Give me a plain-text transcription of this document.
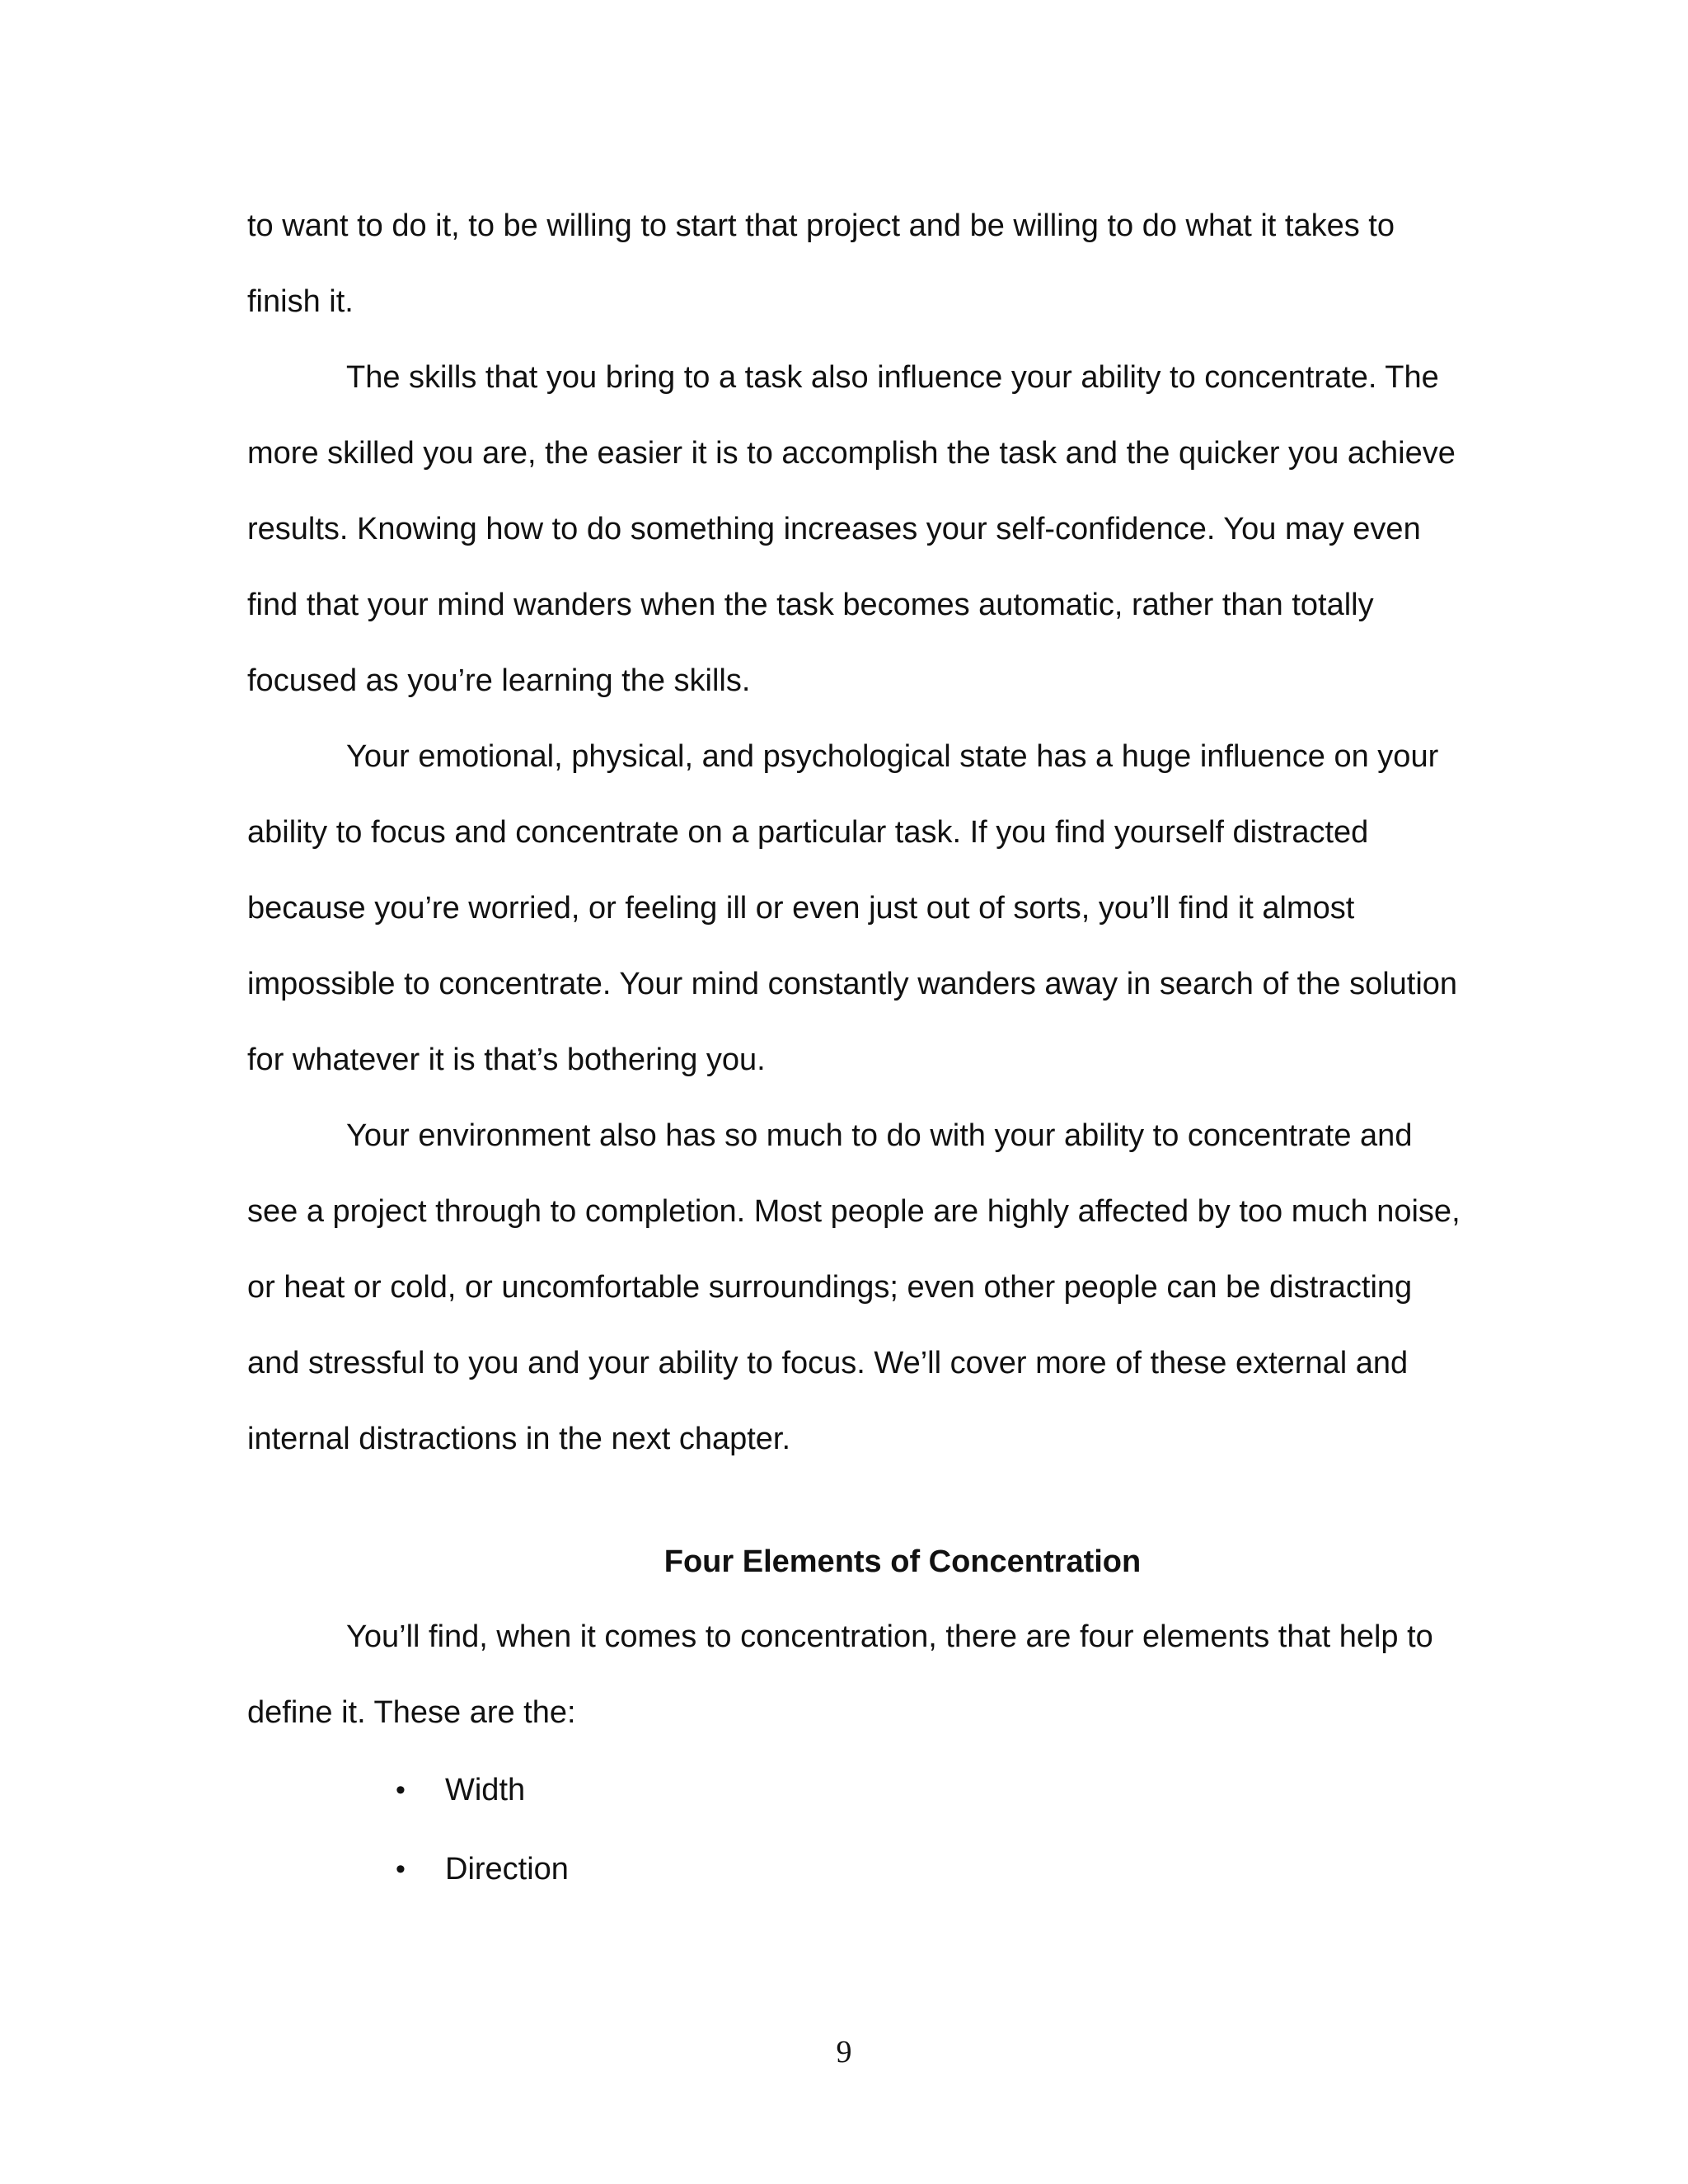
to want to do it, to be willing to start that project and be willing to do what it takes to finish it.

The skills that you bring to a task also influence your ability to concentrate. The more skilled you are, the easier it is to accomplish the task and the quicker you achieve results. Knowing how to do something increases your self-confidence. You may even find that your mind wanders when the task becomes automatic, rather than totally focused as you’re learning the skills.

Your emotional, physical, and psychological state has a huge influence on your ability to focus and concentrate on a particular task. If you find yourself distracted because you’re worried, or feeling ill or even just out of sorts, you’ll find it almost impossible to concentrate. Your mind constantly wanders away in search of the solution for whatever it is that’s bothering you.

Your environment also has so much to do with your ability to concentrate and see a project through to completion. Most people are highly affected by too much noise, or heat or cold, or uncomfortable surroundings; even other people can be distracting and stressful to you and your ability to focus. We’ll cover more of these external and internal distractions in the next chapter.

Four Elements of Concentration

You’ll find, when it comes to concentration, there are four elements that help to define it. These are the:

• Width
• Direction
9
